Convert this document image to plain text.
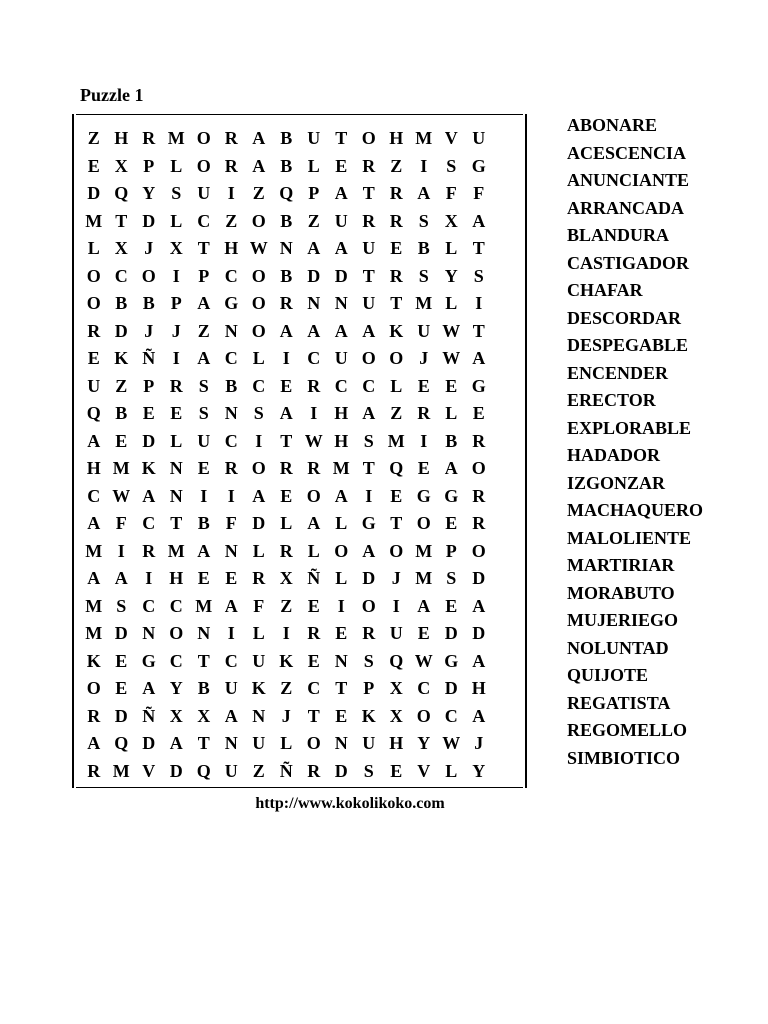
Puzzle 1
Z H R M O R A B U T O H M V U
E X P L O R A B L E R Z I	S G
D Q Y S U I Z Q P A T R A F F
M T D L C Z O B Z U R R S X A
L X J X T H W N A A U E B L T
O C O I	P C O B D D T R S Y S
O B B P A G O R N N U T M L I
R D J	J Z N O A A A A K U W T
E K Ñ I A C L I C U O O J W A
U Z P R S B C E R C C L E E G
Q B E E S N S A I H A Z R L E
A E D L U C I T W H S M I B R
H M K N E R O R R M T Q E A O
C W A N I	I A E O A I E G G R
A F C T B F D L A L G T O E R
M I R M A N L R L O A O M P O
A A I H E E R X Ñ L D J M S D
M S C C M A F Z E I O I A E A
M D N O N I L I R E R U E D D
K E G C T C U K E N S Q W G A
O E A Y B U K Z C T P X C D H
R D Ñ X X A N J T E K X O C A
A Q D A T N U L O N U H Y W J
R M V D Q U Z Ñ R D S E V L Y
ABONARE
ACESCENCIA
ANUNCIANTE
ARRANCADA
BLANDURA
CASTIGADOR
CHAFAR
DESCORDAR
DESPEGABLE
ENCENDER
ERECTOR
EXPLORABLE
HADADOR
IZGONZAR
MACHAQUERO
MALOLIENTE
MARTIRIAR
MORABUTO
MUJERIEGO
NOLUNTAD
QUIJOTE
REGATISTA
REGOMELLO
SIMBIOTICO
http://www.kokolikoko.com
